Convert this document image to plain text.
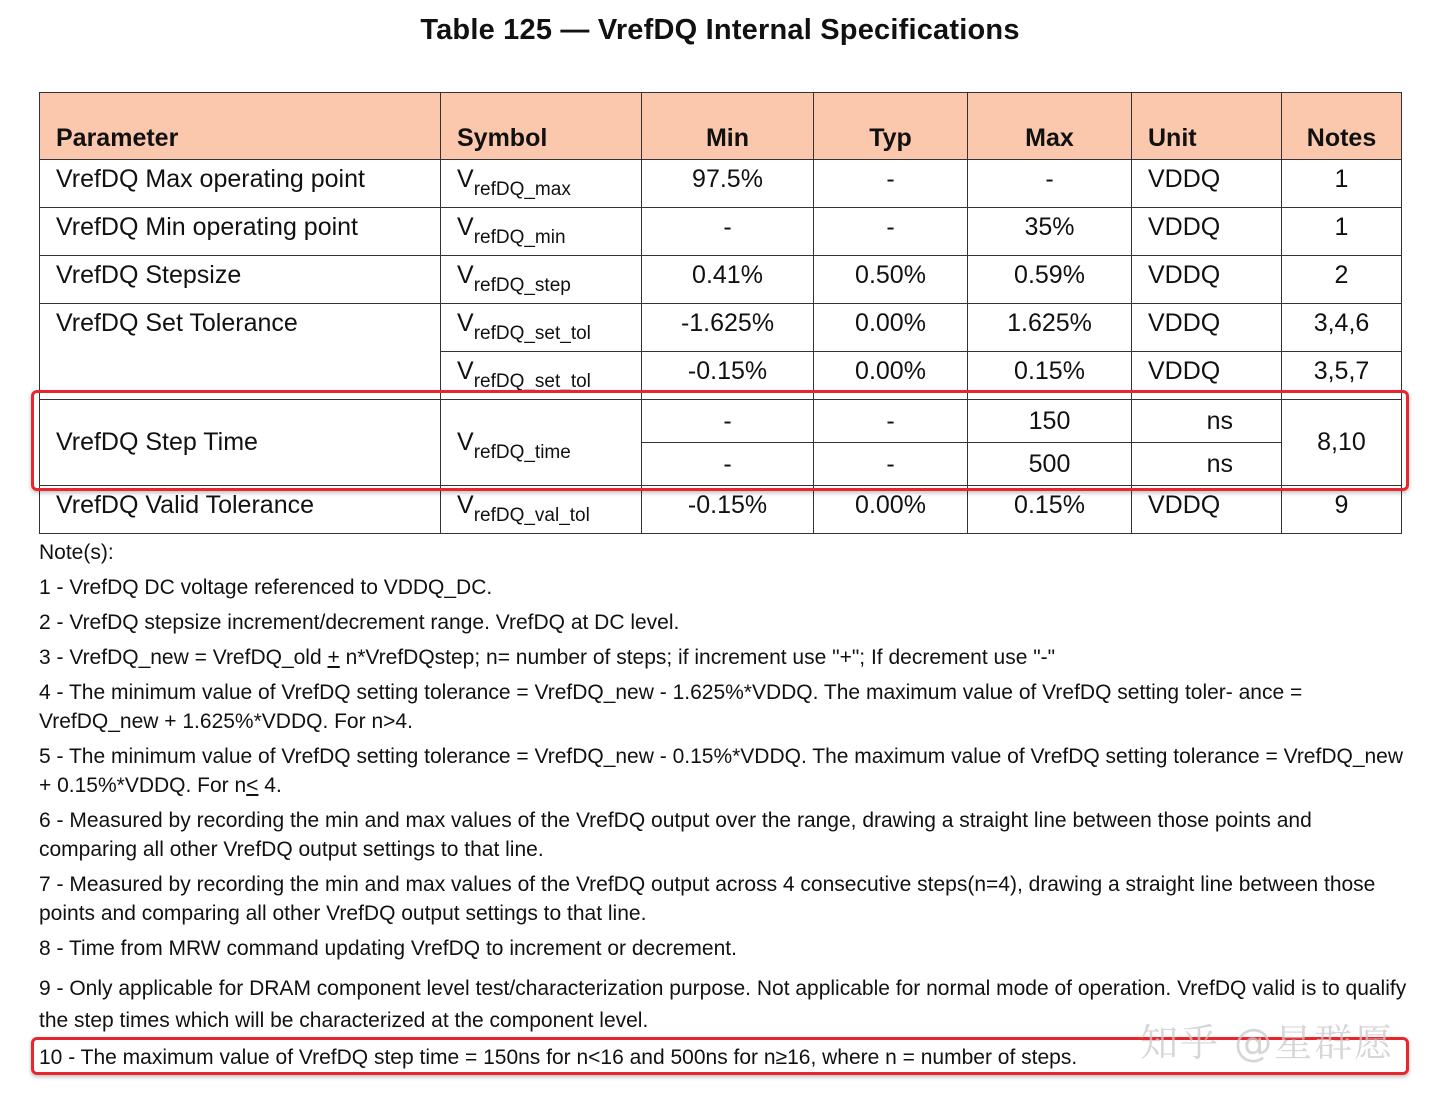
Table 125 — VrefDQ Internal Specifications
Parameter	Symbol	Min	Typ	Max	Unit	Notes
VrefDQ Max operating point	$V_{refDQ\_max}$	97.5%	-	-	VDDQ	1
VrefDQ Min operating point	$V_{refDQ\_min}$	-	-	35%	VDDQ	1
VrefDQ Stepsize	$V_{refDQ\_step}$	0.41%	0.50%	0.59%	VDDQ	2
VrefDQ Set Tolerance	$V_{refDQ\_set\_tol}$	-1.625%	0.00%	1.625%	VDDQ	3,4,6
	$V_{refDQ\_set\_tol}$	-0.15%	0.00%	0.15%	VDDQ	3,5,7
VrefDQ Step Time	$V_{refDQ\_time}$	-	-	150	ns	8,10
		-	-	500	ns	
VrefDQ Valid Tolerance	$V_{refDQ\_val\_tol}$	-0.15%	0.00%	0.15%	VDDQ	9
Note(s):
1 - VrefDQ DC voltage referenced to VDDQ_DC.
2 - VrefDQ stepsize increment/decrement range. VrefDQ at DC level.
3 - VrefDQ_new = VrefDQ_old + n*VrefDQstep; n= number of steps; if increment use "+"; If decrement use "-"
4 - The minimum value of VrefDQ setting tolerance = VrefDQ_new - 1.625%*VDDQ. The maximum value of VrefDQ setting toler- ance = VrefDQ_new + 1.625%*VDDQ. For n>4.
5 - The minimum value of VrefDQ setting tolerance = VrefDQ_new - 0.15%*VDDQ. The maximum value of VrefDQ setting tolerance = VrefDQ_new + 0.15%*VDDQ. For n≤ 4.
6 - Measured by recording the min and max values of the VrefDQ output over the range, drawing a straight line between those points and comparing all other VrefDQ output settings to that line.
7 - Measured by recording the min and max values of the VrefDQ output across 4 consecutive steps(n=4), drawing a straight line between those points and comparing all other VrefDQ output settings to that line.
8 - Time from MRW command updating VrefDQ to increment or decrement.
9 - Only applicable for DRAM component level test/characterization purpose. Not applicable for normal mode of operation. VrefDQ valid is to qualify the step times which will be characterized at the component level.
10 - The maximum value of VrefDQ step time = 150ns for n<16 and 500ns for n≥16, where n = number of steps.	知乎 @星群愿
